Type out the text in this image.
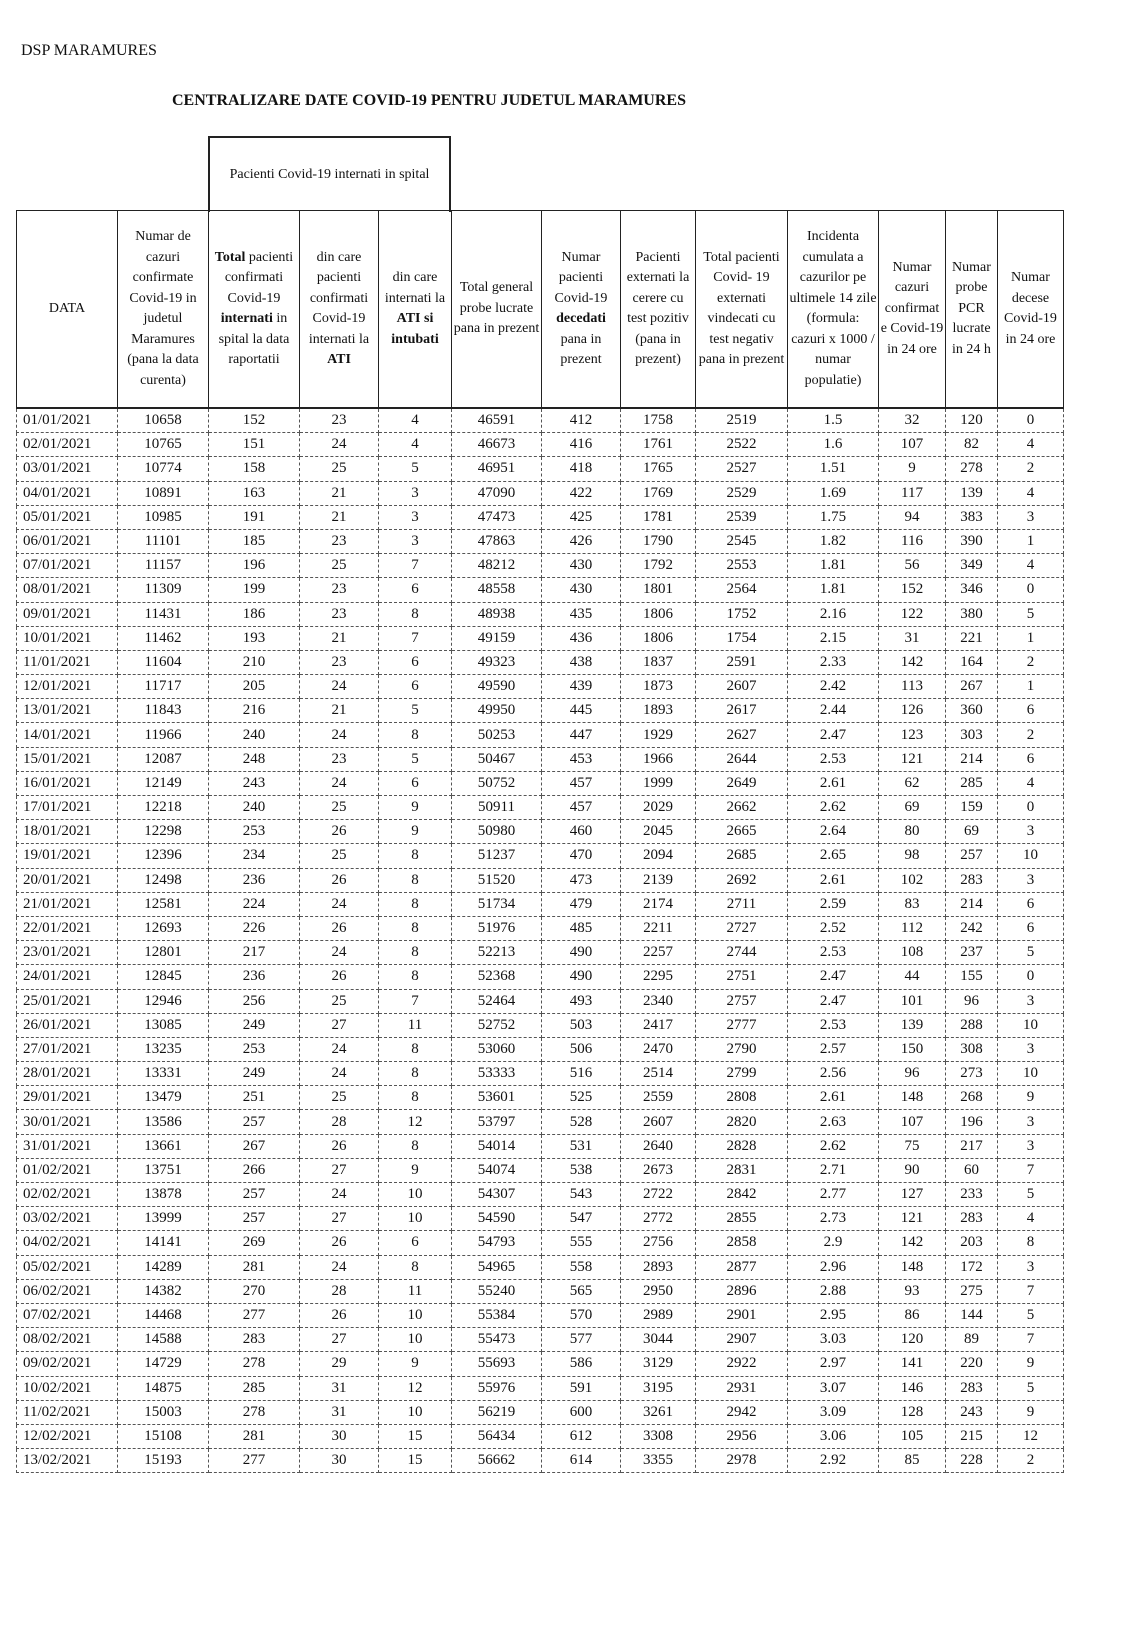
DSP MARAMURES
CENTRALIZARE DATE COVID-19 PENTRU JUDETUL MARAMURES
Pacienti Covid-19 internati in spital
DATA	Numar de cazuri confirmate Covid-19 in judetul Maramures (pana la data curenta)	Total pacienti confirmati Covid-19 internati in spital la data raportatii	din care pacienti confirmati Covid-19 internati la ATI	din care internati la ATI si intubati	Total general probe lucrate pana in prezent	Numar pacienti Covid-19 decedati pana in prezent	Pacienti externati la cerere cu test pozitiv (pana in prezent)	Total pacienti Covid- 19 externati vindecati cu test negativ pana in prezent	Incidenta cumulata a cazurilor pe ultimele 14 zile (formula: cazuri x 1000 / numar populatie)	Numar cazuri confirmat e Covid-19 in 24 ore	Numar probe PCR lucrate in 24 h	Numar decese Covid-19 in 24 ore
01/01/2021	10658	152	23	4	46591	412	1758	2519	1.5	32	120	0
02/01/2021	10765	151	24	4	46673	416	1761	2522	1.6	107	82	4
03/01/2021	10774	158	25	5	46951	418	1765	2527	1.51	9	278	2
04/01/2021	10891	163	21	3	47090	422	1769	2529	1.69	117	139	4
05/01/2021	10985	191	21	3	47473	425	1781	2539	1.75	94	383	3
06/01/2021	11101	185	23	3	47863	426	1790	2545	1.82	116	390	1
07/01/2021	11157	196	25	7	48212	430	1792	2553	1.81	56	349	4
08/01/2021	11309	199	23	6	48558	430	1801	2564	1.81	152	346	0
09/01/2021	11431	186	23	8	48938	435	1806	1752	2.16	122	380	5
10/01/2021	11462	193	21	7	49159	436	1806	1754	2.15	31	221	1
11/01/2021	11604	210	23	6	49323	438	1837	2591	2.33	142	164	2
12/01/2021	11717	205	24	6	49590	439	1873	2607	2.42	113	267	1
13/01/2021	11843	216	21	5	49950	445	1893	2617	2.44	126	360	6
14/01/2021	11966	240	24	8	50253	447	1929	2627	2.47	123	303	2
15/01/2021	12087	248	23	5	50467	453	1966	2644	2.53	121	214	6
16/01/2021	12149	243	24	6	50752	457	1999	2649	2.61	62	285	4
17/01/2021	12218	240	25	9	50911	457	2029	2662	2.62	69	159	0
18/01/2021	12298	253	26	9	50980	460	2045	2665	2.64	80	69	3
19/01/2021	12396	234	25	8	51237	470	2094	2685	2.65	98	257	10
20/01/2021	12498	236	26	8	51520	473	2139	2692	2.61	102	283	3
21/01/2021	12581	224	24	8	51734	479	2174	2711	2.59	83	214	6
22/01/2021	12693	226	26	8	51976	485	2211	2727	2.52	112	242	6
23/01/2021	12801	217	24	8	52213	490	2257	2744	2.53	108	237	5
24/01/2021	12845	236	26	8	52368	490	2295	2751	2.47	44	155	0
25/01/2021	12946	256	25	7	52464	493	2340	2757	2.47	101	96	3
26/01/2021	13085	249	27	11	52752	503	2417	2777	2.53	139	288	10
27/01/2021	13235	253	24	8	53060	506	2470	2790	2.57	150	308	3
28/01/2021	13331	249	24	8	53333	516	2514	2799	2.56	96	273	10
29/01/2021	13479	251	25	8	53601	525	2559	2808	2.61	148	268	9
30/01/2021	13586	257	28	12	53797	528	2607	2820	2.63	107	196	3
31/01/2021	13661	267	26	8	54014	531	2640	2828	2.62	75	217	3
01/02/2021	13751	266	27	9	54074	538	2673	2831	2.71	90	60	7
02/02/2021	13878	257	24	10	54307	543	2722	2842	2.77	127	233	5
03/02/2021	13999	257	27	10	54590	547	2772	2855	2.73	121	283	4
04/02/2021	14141	269	26	6	54793	555	2756	2858	2.9	142	203	8
05/02/2021	14289	281	24	8	54965	558	2893	2877	2.96	148	172	3
06/02/2021	14382	270	28	11	55240	565	2950	2896	2.88	93	275	7
07/02/2021	14468	277	26	10	55384	570	2989	2901	2.95	86	144	5
08/02/2021	14588	283	27	10	55473	577	3044	2907	3.03	120	89	7
09/02/2021	14729	278	29	9	55693	586	3129	2922	2.97	141	220	9
10/02/2021	14875	285	31	12	55976	591	3195	2931	3.07	146	283	5
11/02/2021	15003	278	31	10	56219	600	3261	2942	3.09	128	243	9
12/02/2021	15108	281	30	15	56434	612	3308	2956	3.06	105	215	12
13/02/2021	15193	277	30	15	56662	614	3355	2978	2.92	85	228	2
